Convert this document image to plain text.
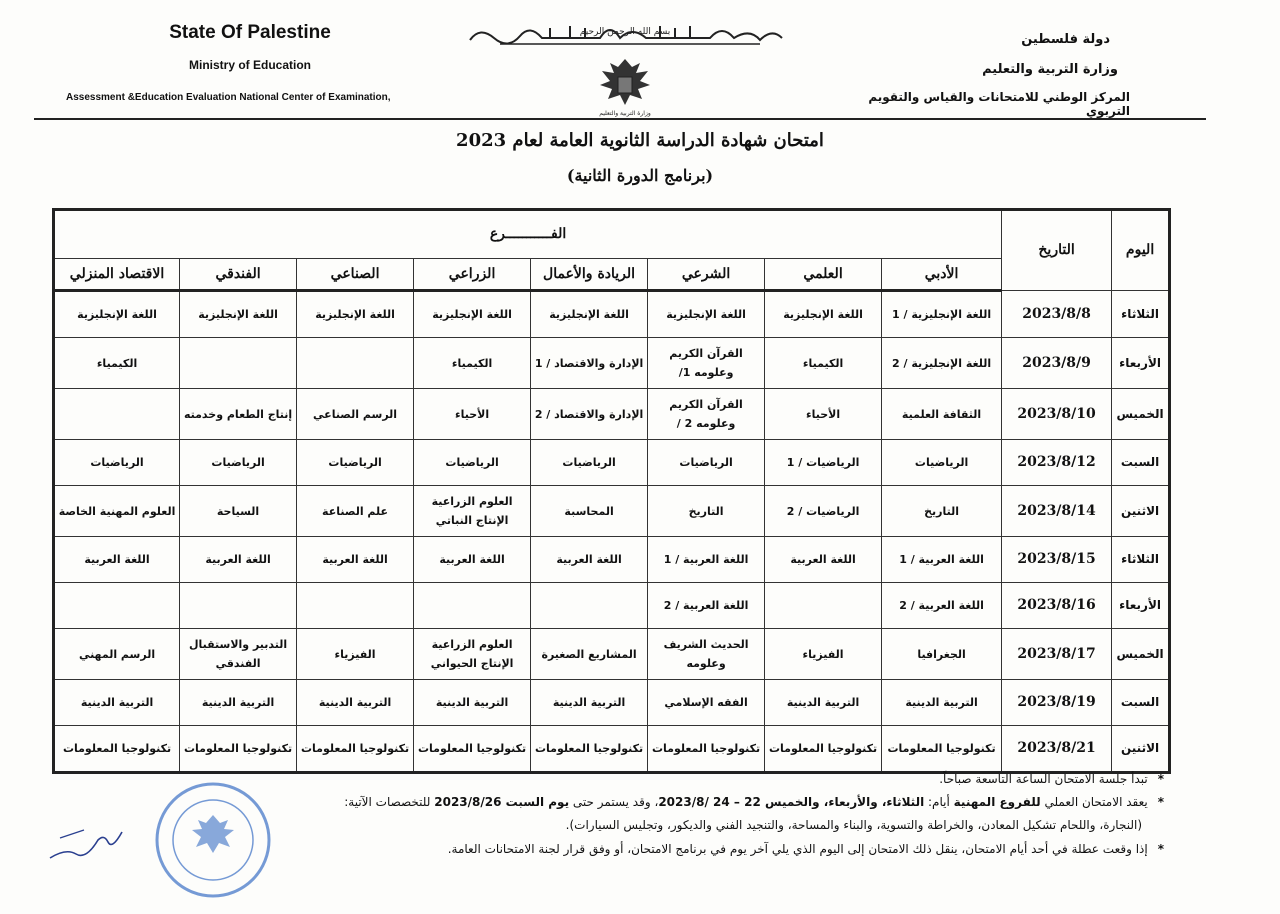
State Of Palestine
Ministry of Education
Assessment &Education Evaluation National Center of Examination,
بسم الله الرحمن الرحيم
وزارة التربية والتعليم
دولة فلسطين
وزارة التربية والتعليم
المركز الوطني للامتحانات والقياس والتقويم التربوي
امتحان شهادة الدراسة الثانوية العامة لعام 2023
(برنامج الدورة الثانية)
اليوم	التاريخ	الفـــــــــــرع							
		الأدبي	العلمي	الشرعي	الريادة والأعمال	الزراعي	الصناعي	الفندقي	الاقتصاد المنزلي
الثلاثاء	2023/8/8	اللغة الإنجليزية / 1	اللغة الإنجليزية	اللغة الإنجليزية	اللغة الإنجليزية	اللغة الإنجليزية	اللغة الإنجليزية	اللغة الإنجليزية	اللغة الإنجليزية
الأربعاء	2023/8/9	اللغة الإنجليزية / 2	الكيمياء	القرآن الكريم وعلومه 1/	الإدارة والاقتصاد / 1	الكيمياء			الكيمياء
الخميس	2023/8/10	الثقافة العلمية	الأحياء	القرآن الكريم وعلومه 2 /	الإدارة والاقتصاد / 2	الأحياء	الرسم الصناعي	إنتاج الطعام وخدمته	
السبت	2023/8/12	الرياضيات	الرياضيات / 1	الرياضيات	الرياضيات	الرياضيات	الرياضيات	الرياضيات	الرياضيات
الاثنين	2023/8/14	التاريخ	الرياضيات / 2	التاريخ	المحاسبة	العلوم الزراعية الإنتاج النباتي	علم الصناعة	السياحة	العلوم المهنية الخاصة
الثلاثاء	2023/8/15	اللغة العربية / 1	اللغة العربية	اللغة العربية / 1	اللغة العربية	اللغة العربية	اللغة العربية	اللغة العربية	اللغة العربية
الأربعاء	2023/8/16	اللغة العربية / 2		اللغة العربية / 2					
الخميس	2023/8/17	الجغرافيا	الفيزياء	الحديث الشريف وعلومه	المشاريع الصغيرة	العلوم الزراعية الإنتاج الحيواني	الفيزياء	التدبير والاستقبال الفندقي	الرسم المهني
السبت	2023/8/19	التربية الدينية	التربية الدينية	الفقه الإسلامي	التربية الدينية	التربية الدينية	التربية الدينية	التربية الدينية	التربية الدينية
الاثنين	2023/8/21	تكنولوجيا المعلومات	تكنولوجيا المعلومات	تكنولوجيا المعلومات	تكنولوجيا المعلومات	تكنولوجيا المعلومات	تكنولوجيا المعلومات	تكنولوجيا المعلومات	تكنولوجيا المعلومات
*تبدأ جلسة الامتحان الساعة التاسعة صباحاً.
*يعقد الامتحان العملي للفروع المهنية أيام: الثلاثاء، والأربعاء، والخميس 22 – 24 /2023/8، وقد يستمر حتى يوم السبت 2023/8/26 للتخصصات الآتية:
(النجارة، واللحام تشكيل المعادن، والخراطة والتسوية، والبناء والمساحة، والتنجيد الفني والديكور، وتجليس السيارات).
*إذا وقعت عطلة في أحد أيام الامتحان، ينقل ذلك الامتحان إلى اليوم الذي يلي آخر يوم في برنامج الامتحان، أو وفق قرار لجنة الامتحانات العامة.
